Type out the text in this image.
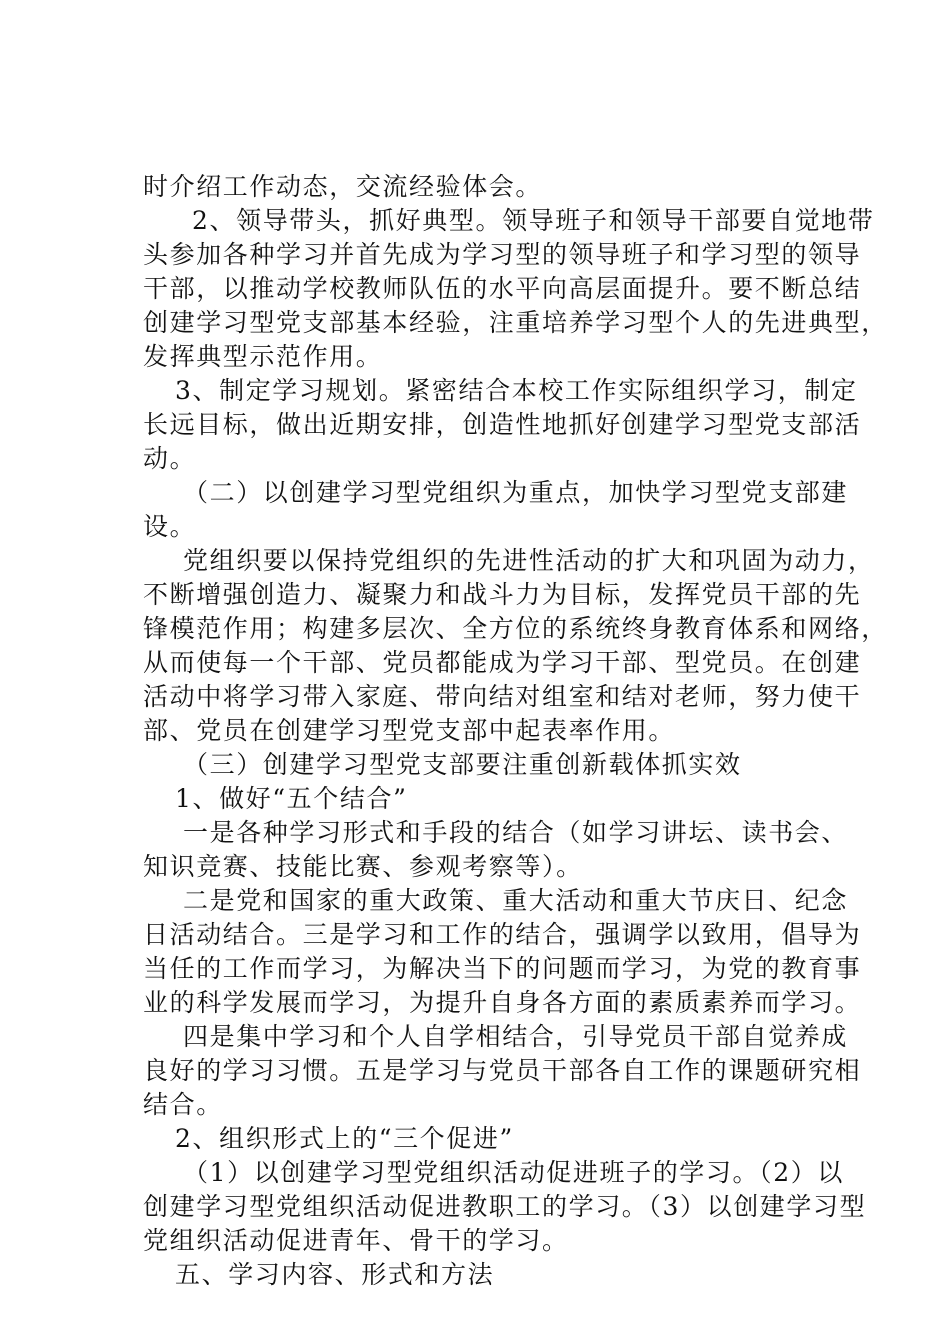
时介绍工作动态，交流经验体会。
2、领导带头，抓好典型。领导班子和领导干部要自觉地带
头参加各种学习并首先成为学习型的领导班子和学习型的领导
干部，以推动学校教师队伍的水平向高层面提升。要不断总结
创建学习型党支部基本经验，注重培养学习型个人的先进典型，
发挥典型示范作用。
3、制定学习规划。紧密结合本校工作实际组织学习，制定
长远目标，做出近期安排，创造性地抓好创建学习型党支部活
动。
（二）以创建学习型党组织为重点，加快学习型党支部建
设。
党组织要以保持党组织的先进性活动的扩大和巩固为动力，
不断增强创造力、凝聚力和战斗力为目标，发挥党员干部的先
锋模范作用；构建多层次、全方位的系统终身教育体系和网络，
从而使每一个干部、党员都能成为学习干部、型党员。在创建
活动中将学习带入家庭、带向结对组室和结对老师，努力使干
部、党员在创建学习型党支部中起表率作用。
（三）创建学习型党支部要注重创新载体抓实效
1、做好“五个结合”
一是各种学习形式和手段的结合（如学习讲坛、读书会、
知识竞赛、技能比赛、参观考察等）。
二是党和国家的重大政策、重大活动和重大节庆日、纪念
日活动结合。三是学习和工作的结合，强调学以致用，倡导为
当任的工作而学习，为解决当下的问题而学习，为党的教育事
业的科学发展而学习，为提升自身各方面的素质素养而学习。
四是集中学习和个人自学相结合，引导党员干部自觉养成
良好的学习习惯。五是学习与党员干部各自工作的课题研究相
结合。
2、组织形式上的“三个促进”
（1）以创建学习型党组织活动促进班子的学习。（2）以
创建学习型党组织活动促进教职工的学习。（3）以创建学习型
党组织活动促进青年、骨干的学习。
五、学习内容、形式和方法
